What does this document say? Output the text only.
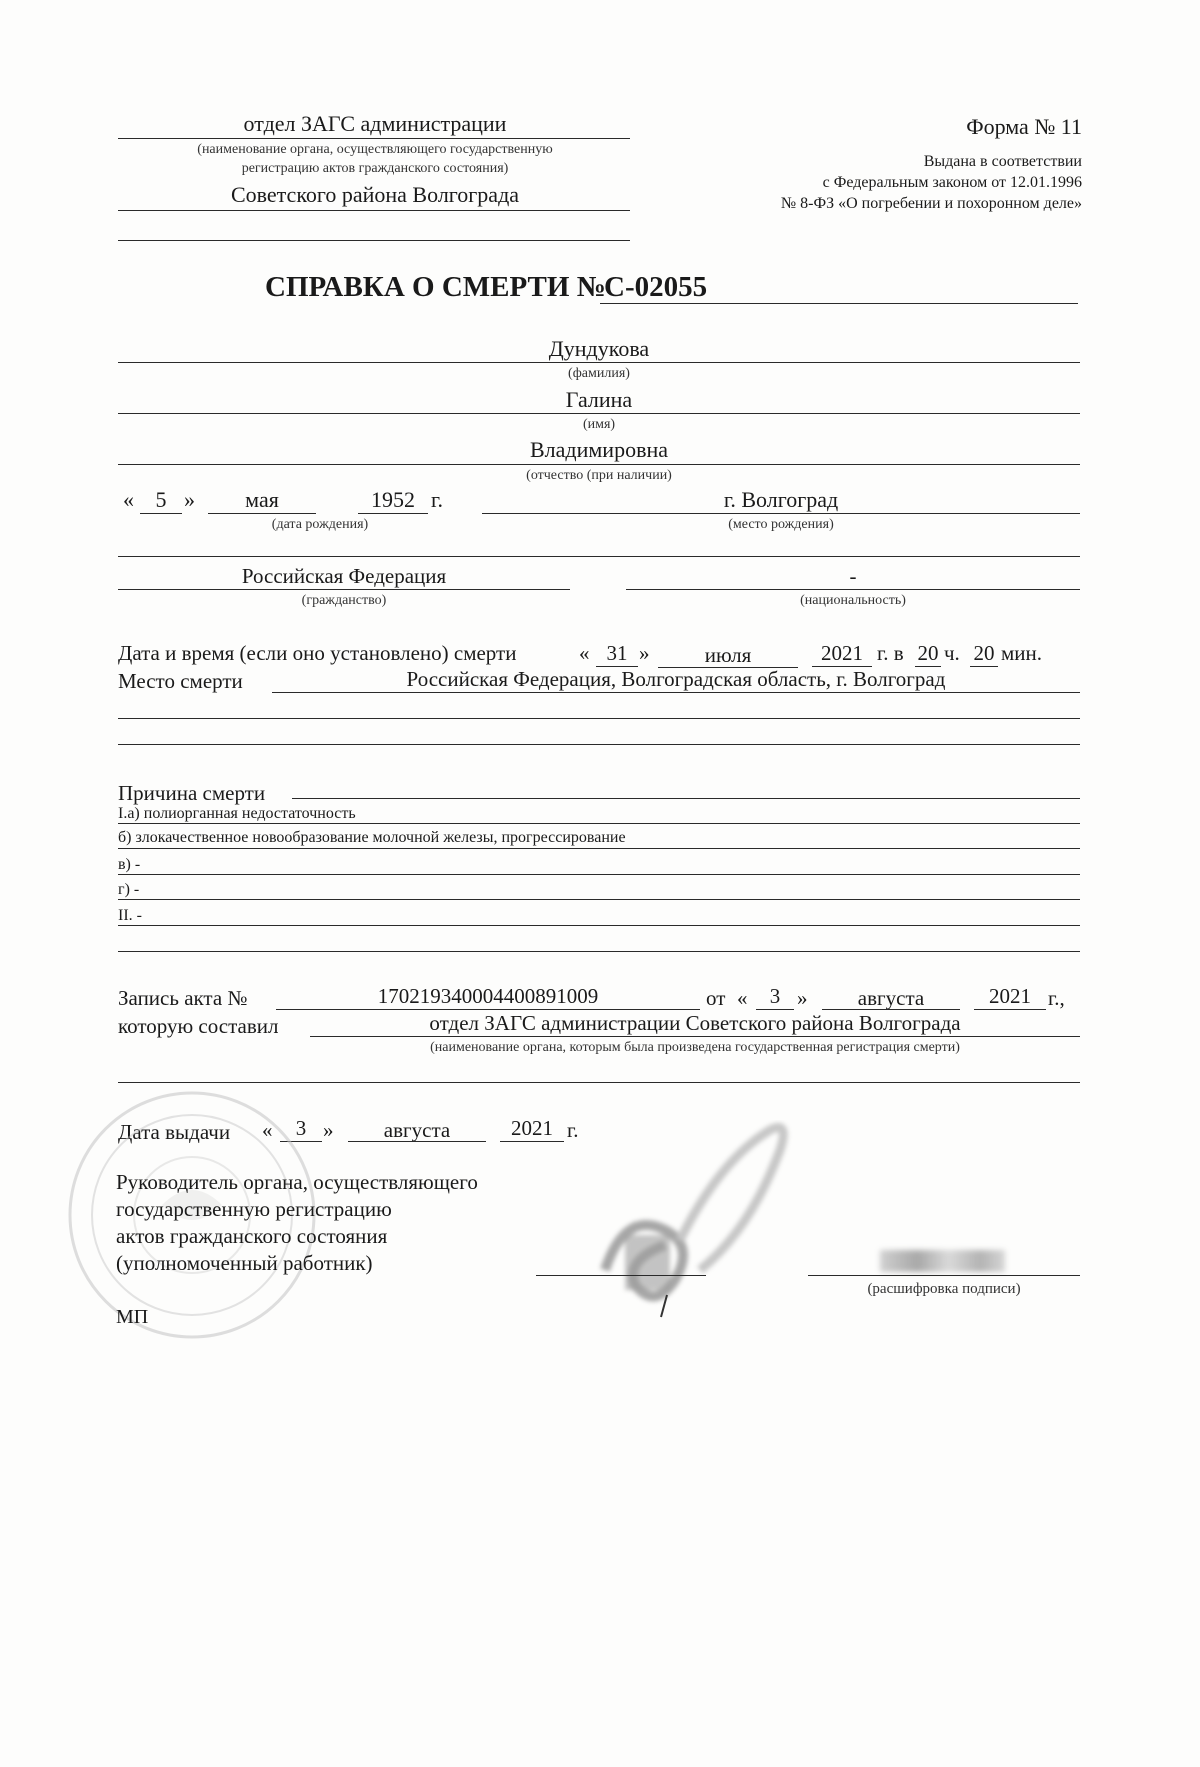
отдел ЗАГС администрации
(наименование органа, осуществляющего государственную
регистрацию актов гражданского состояния)
Советского района Волгограда
Форма № 11
Выдана в соответствии
с Федеральным законом от 12.01.1996
№ 8-ФЗ «О погребении и похоронном деле»
СПРАВКА О СМЕРТИ №
С-02055
Дундукова
(фамилия)
Галина
(имя)
Владимировна
(отчество (при наличии)
« 5 »	мая	1952 г.
(дата рождения)
г. Волгоград
(место рождения)
Российская Федерация
(гражданство)
-
(национальность)
Дата и время (если оно установлено) смерти	« 31 »	июля	2021 г. в 20 ч. 20 мин.
Место смерти	Российская Федерация, Волгоградская область, г. Волгоград
Причина смерти
I.а) полиорганная недостаточность
б) злокачественное новообразование молочной железы, прогрессирование
в) -
г) -
II. -
Запись акта №	170219340004400891009	от «	3 »	августа	2021 г.,
которую составил	отдел ЗАГС администрации Советского района Волгограда
(наименование органа, которым была произведена государственная регистрация смерти)
Дата выдачи «	3 »	августа	2021 г.
Руководитель органа, осуществляющего
государственную регистрацию
актов гражданского состояния
(уполномоченный работник)
МП
(расшифровка подписи)
